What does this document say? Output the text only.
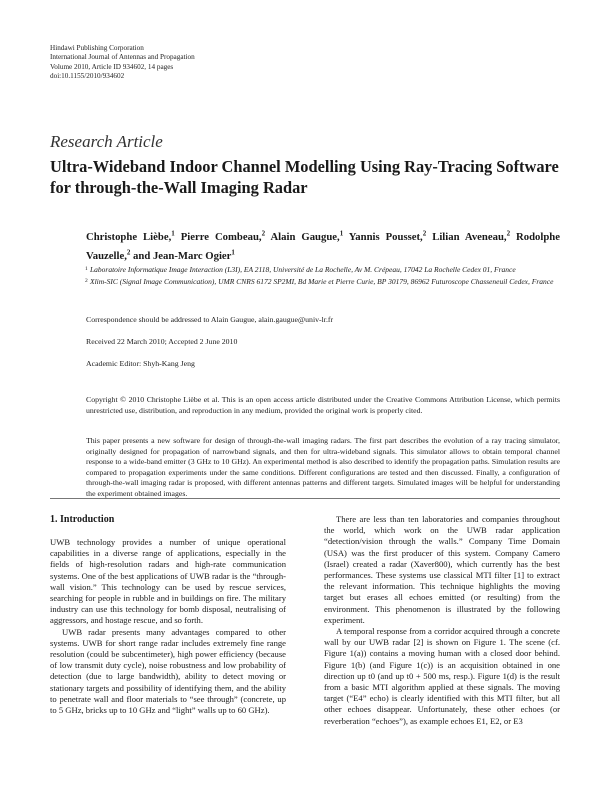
Hindawi Publishing Corporation
International Journal of Antennas and Propagation
Volume 2010, Article ID 934602, 14 pages
doi:10.1155/2010/934602
Research Article
Ultra-Wideband Indoor Channel Modelling Using Ray-Tracing Software for through-the-Wall Imaging Radar
Christophe Lièbe,$^1$ Pierre Combeau,$^2$ Alain Gaugue,$^1$ Yannis Pousset,$^2$ Lilian Aveneau,$^2$ Rodolphe Vauzelle,$^2$ and Jean-Marc Ogier$^1$
1 Laboratoire Informatique Image Interaction (L3I), EA 2118, Université de La Rochelle, Av M. Crépeau, 17042 La Rochelle Cedex 01, France
2 Xlim-SIC (Signal Image Communication), UMR CNRS 6172 SP2MI, Bd Marie et Pierre Curie, BP 30179, 86962 Futuroscope Chasseneuil Cedex, France
Correspondence should be addressed to Alain Gaugue, alain.gaugue@univ-lr.fr
Received 22 March 2010; Accepted 2 June 2010
Academic Editor: Shyh-Kang Jeng
Copyright © 2010 Christophe Lièbe et al. This is an open access article distributed under the Creative Commons Attribution License, which permits unrestricted use, distribution, and reproduction in any medium, provided the original work is properly cited.
This paper presents a new software for design of through-the-wall imaging radars. The first part describes the evolution of a ray tracing simulator, originally designed for propagation of narrowband signals, and then for ultra-wideband signals. This simulator allows to obtain temporal channel response to a wide-band emitter (3 GHz to 10 GHz). An experimental method is also described to identify the propagation paths. Simulation results are compared to propagation experiments under the same conditions. Different configurations are tested and then discussed. Finally, a configuration of through-the-wall imaging radar is proposed, with different antennas patterns and different targets. Simulated images will be helpful for understanding the experiment obtained images.
1. Introduction

UWB technology provides a number of unique operational capabilities in a diverse range of applications, especially in the fields of high-resolution radars and high-rate communication systems. One of the best applications of UWB radar is the “through-wall vision.” This technology can be used by rescue services, searching for people in rubble and in buildings on fire. The military industry can use this technology for bomb disposal, neutralising of aggressors, and hostage rescue, and so forth.

UWB radar presents many advantages compared to other systems. UWB for short range radar includes extremely fine range resolution (could be subcentimeter), high power efficiency (because of low transmit duty cycle), noise robustness and low probability of detection (due to large bandwidth), ability to detect moving or stationary targets and possibility of identifying them, and the ability to penetrate wall and floor materials to “see through” (concrete, up to 5 GHz, bricks up to 10 GHz and “light” walls up to 60 GHz).

There are less than ten laboratories and companies throughout the world, which work on the UWB radar application “detection/vision through the walls.” Company Time Domain (USA) was the first producer of this system. Company Camero (Israel) created a radar (Xaver800), which currently has the best performances. These systems use classical MTI filter [1] to extract the relevant information. This technique highlights the moving target but erases all echoes emitted (or resulting) from the environment. This phenomenon is illustrated by the following experiment.

A temporal response from a corridor acquired through a concrete wall by our UWB radar [2] is shown on Figure 1. The scene (cf. Figure 1(a)) contains a moving human with a closed door behind. Figure 1(b) (and Figure 1(c)) is an acquisition obtained in one direction up t0 (and up t0 + 500 ms, resp.). Figure 1(d) is the result from a basic MTI algorithm applied at these signals. The moving target (“E4” echo) is clearly identified with this MTI filter, but all other echoes disappear. Unfortunately, these other echoes (or reverberation “echoes”), as example echoes E1, E2, or E3
